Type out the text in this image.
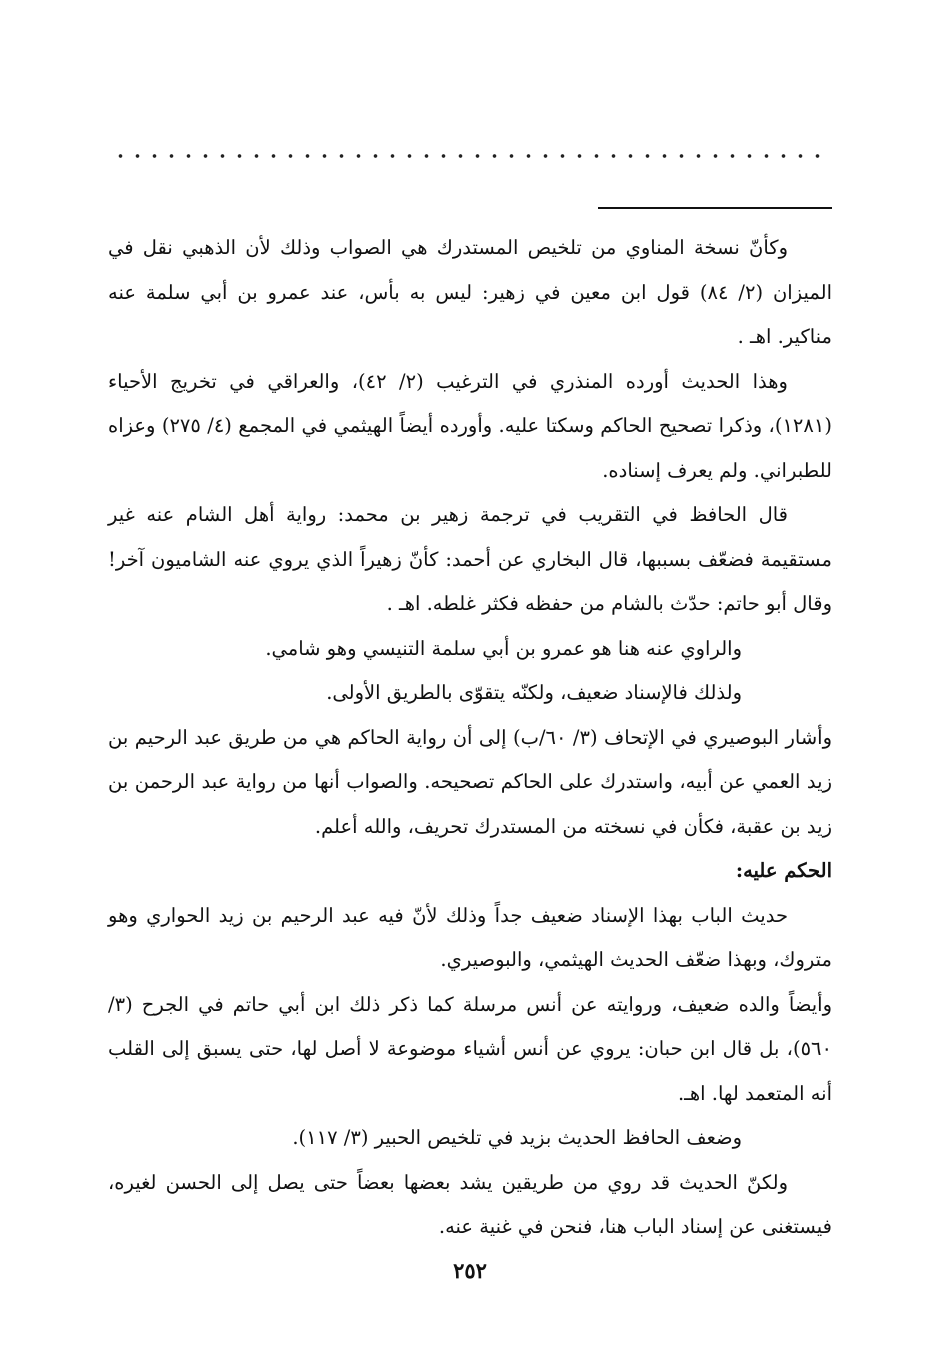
وكأنّ نسخة المناوي من تلخيص المستدرك هي الصواب وذلك لأن الذهبي نقل في الميزان (٢/ ٨٤) قول ابن معين في زهير: ليس به بأس، عند عمرو بن أبي سلمة عنه مناكير. اهـ .

وهذا الحديث أورده المنذري في الترغيب (٢/ ٤٢)، والعراقي في تخريج الأحياء (١٢٨١)، وذكرا تصحيح الحاكم وسكتا عليه. وأورده أيضاً الهيثمي في المجمع (٤/ ٢٧٥) وعزاه للطبراني. ولم يعرف إسناده.

قال الحافظ في التقريب في ترجمة زهير بن محمد: رواية أهل الشام عنه غير مستقيمة فضعّف بسببها، قال البخاري عن أحمد: كأنّ زهيراً الذي يروي عنه الشاميون آخر! وقال أبو حاتم: حدّث بالشام من حفظه فكثر غلطه. اهـ .

والراوي عنه هنا هو عمرو بن أبي سلمة التنيسي وهو شامي.

ولذلك فالإسناد ضعيف، ولكنّه يتقوّى بالطريق الأولى.

وأشار البوصيري في الإتحاف (٣/ ٦٠/ب) إلى أن رواية الحاكم هي من طريق عبد الرحيم بن زيد العمي عن أبيه، واستدرك على الحاكم تصحيحه. والصواب أنها من رواية عبد الرحمن بن زيد بن عقبة، فكأن في نسخته من المستدرك تحريف، والله أعلم.

الحكم عليه:

حديث الباب بهذا الإسناد ضعيف جداً وذلك لأنّ فيه عبد الرحيم بن زيد الحواري وهو متروك، وبهذا ضعّف الحديث الهيثمي، والبوصيري.

وأيضاً والده ضعيف، وروايته عن أنس مرسلة كما ذكر ذلك ابن أبي حاتم في الجرح (٣/ ٥٦٠)، بل قال ابن حبان: يروي عن أنس أشياء موضوعة لا أصل لها، حتى يسبق إلى القلب أنه المتعمد لها. اهـ.

وضعف الحافظ الحديث بزيد في تلخيص الحبير (٣/ ١١٧).

ولكنّ الحديث قد روي من طريقين يشد بعضها بعضاً حتى يصل إلى الحسن لغيره، فيستغنى عن إسناد الباب هنا، فنحن في غنية عنه.

٢٥٢
